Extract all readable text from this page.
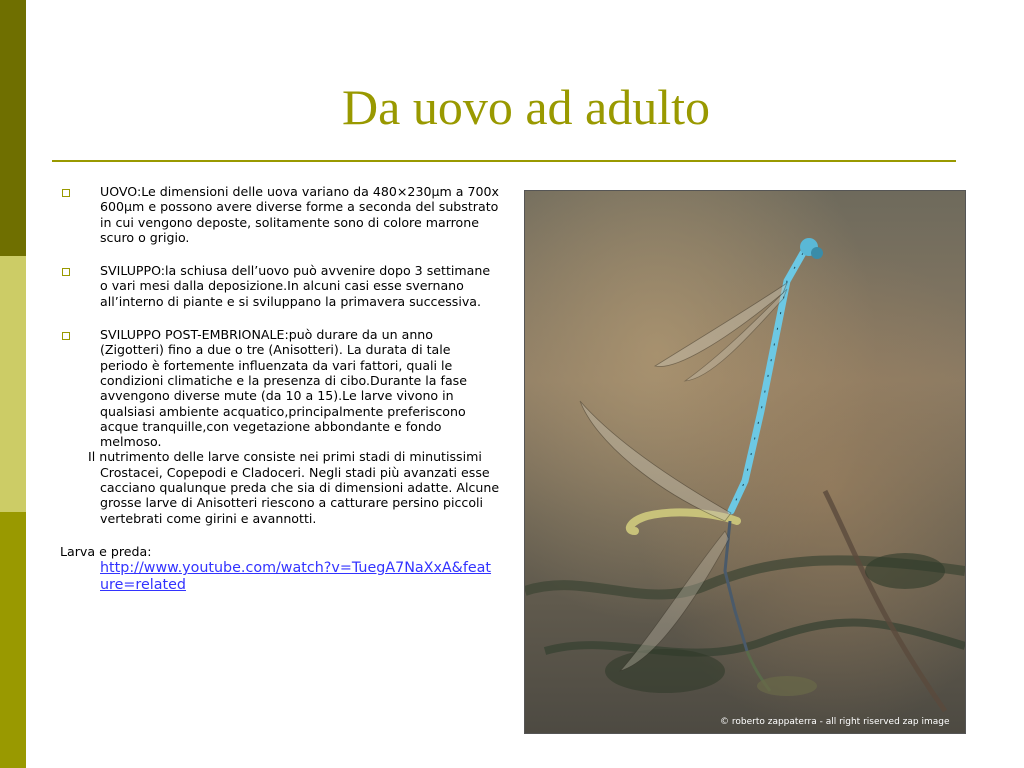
Da uovo ad adulto
UOVO:Le dimensioni delle uova variano da 480×230μm a 700x 600μm e possono avere diverse forme a seconda del substrato in cui vengono deposte, solitamente sono di colore marrone scuro o grigio.
SVILUPPO:la schiusa dell’uovo può avvenire dopo 3 settimane o vari mesi dalla deposizione.In alcuni casi esse svernano all’interno di piante e si sviluppano la primavera successiva.
SVILUPPO POST-EMBRIONALE:può durare da un anno (Zigotteri) fino a due o tre (Anisotteri). La durata di tale periodo è fortemente influenzata da vari fattori, quali le condizioni climatiche e la presenza di cibo.Durante la fase avvengono diverse mute (da 10 a 15).Le larve vivono in qualsiasi ambiente acquatico,principalmente preferiscono acque tranquille,con vegetazione abbondante e fondo melmoso.
Il nutrimento delle larve consiste nei primi stadi di minutissimi Crostacei, Copepodi e Cladoceri. Negli stadi più avanzati esse cacciano qualunque preda che sia di dimensioni adatte. Alcune grosse larve di Anisotteri riescono a catturare persino piccoli vertebrati come girini e avannotti.
Larva e preda:
http://www.youtube.com/watch?v=TuegA7NaXxA&feature=related
© roberto zappaterra - all right riserved zap image
